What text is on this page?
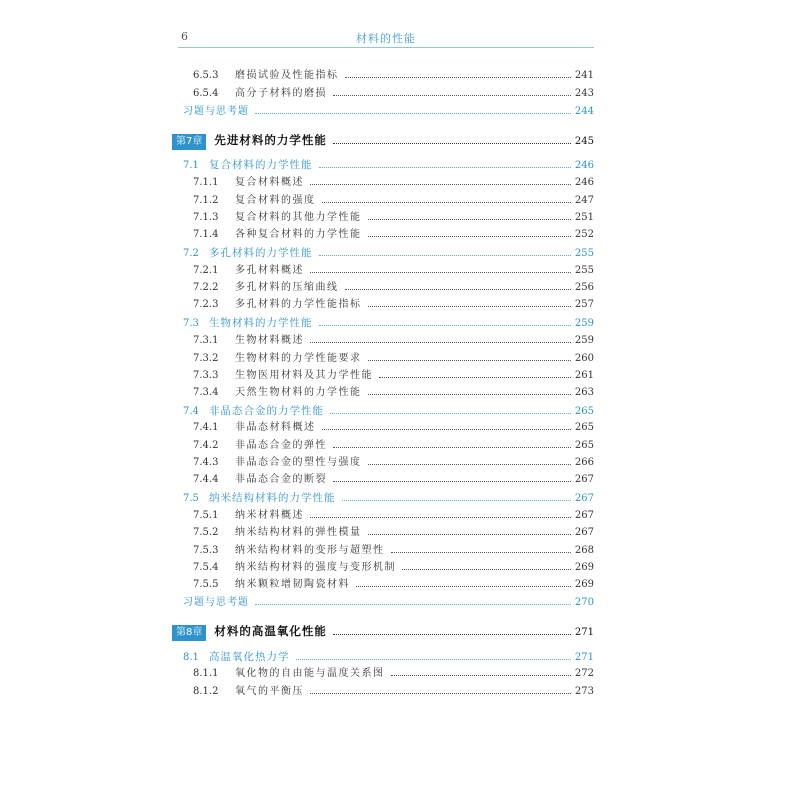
6	材料的性能
6.5.3	磨损试验及性能指标	241
6.5.4	高分子材料的磨损	243
习题与思考题	244
第7章	先进材料的力学性能	245
7.1 复合材料的力学性能	246
7.1.1	复合材料概述	246
7.1.2	复合材料的强度	247
7.1.3	复合材料的其他力学性能	251
7.1.4	各种复合材料的力学性能	252
7.2 多孔材料的力学性能	255
7.2.1	多孔材料概述	255
7.2.2	多孔材料的压缩曲线	256
7.2.3	多孔材料的力学性能指标	257
7.3 生物材料的力学性能	259
7.3.1	生物材料概述	259
7.3.2	生物材料的力学性能要求	260
7.3.3	生物医用材料及其力学性能	261
7.3.4	天然生物材料的力学性能	263
7.4 非晶态合金的力学性能	265
7.4.1	非晶态材料概述	265
7.4.2	非晶态合金的弹性	265
7.4.3	非晶态合金的塑性与强度	266
7.4.4	非晶态合金的断裂	267
7.5 纳米结构材料的力学性能	267
7.5.1	纳米材料概述	267
7.5.2	纳米结构材料的弹性模量	267
7.5.3	纳米结构材料的变形与超塑性	268
7.5.4	纳米结构材料的强度与变形机制	269
7.5.5	纳米颗粒增韧陶瓷材料	269
习题与思考题	270
第8章	材料的高温氧化性能	271
8.1 高温氧化热力学	271
8.1.1	氧化物的自由能与温度关系图	272
8.1.2	氧气的平衡压	273
